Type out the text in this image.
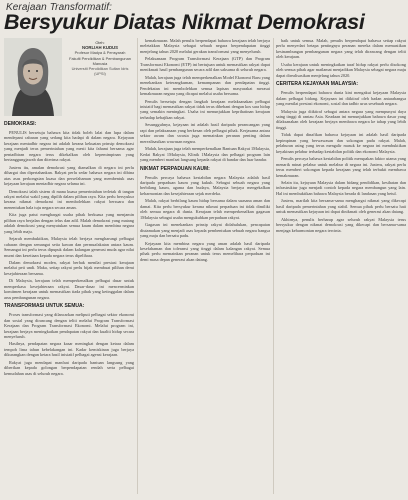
Kerajaan Transformatif:
Bersyukur Diatas Nikmat Demokrasi
Oleh:
NORLIAH KUDUS
Profesor Madya & Pensyarah
Fakulti Pendidikan & Pembangunan Manusia
Universiti Pendidikan Sultan Idris (UPSI)
DEMOKRASI:

PENULIS bersetuju bahawa kita tidak boleh lalai dan lupa dalam mendepani cabaran yang sedang kita hadapi di dalam negara. Kejayaan kerajaan mentadbir negara ini adalah kerana kekuatan prinsip demokrasi yang menjadi teras pemerintahan yang mesti kita fahami bersama agar pentadbiran negara terus dikekalkan oleh kepemimpinan yang bertanggungjawab dan diterima rakyat.

Justeru itu, amalan demokrasi yang diamalkan di negara ini perlu dihargai dan dipertahankan. Rakyat perlu sedar bahawa negara ini dibina atas asas perkongsian kuasa dan persefahaman yang membentuk asas kejayaan kerajaan mentadbir negara selama ini.

Demokrasi ialah sistem di mana kuasa pemerintahan terletak di tangan rakyat melalui wakil yang dipilih dalam pilihan raya. Kita perlu bersyukur kerana nikmat demokrasi ini membolehkan rakyat bersuara dan menentukan hala tuju negara secara aman.

Kita juga patut menghargai usaha pihak berkuasa yang menjamin pilihan raya berjalan dengan telus dan adil. Malah demokrasi yang matang adalah demokrasi yang menyatukan semua kaum dalam membina negara yang lebih maju.

Sejarah membuktikan, Malaysia telah berjaya mengharungi pelbagai cabaran dengan semangat setia kawan dan permuafakatan antara kaum. Semangat ini perlu terus dipupuk dalam kalangan generasi muda agar nilai murni dan kesetiaan kepada negara terus dipelihara.

Dalam demokrasi moden, rakyat berhak menilai prestasi kerajaan melalui peti undi. Maka, setiap rakyat perlu bijak membuat pilihan demi kesejahteraan bersama.

Di Malaysia, kerajaan telah memperkenalkan pelbagai dasar untuk memperkasa kesejahteraan rakyat. Dasar-dasar ini mencerminkan komitmen kerajaan untuk memastikan tiada pihak yang ketinggalan dalam arus pembangunan negara.

TRANSFORMASI UNTUK SEMUA:

Proses transformasi yang dilancarkan meliputi pelbagai sektor ekonomi dan sosial yang dirancang dengan teliti melalui Program Transformasi Kerajaan dan Program Transformasi Ekonomi. Melalui program ini, kerajaan berjaya meningkatkan pendapatan rakyat dan kualiti hidup secara menyeluruh.

Hasilnya, pendapatan negara kasar meningkat dengan ketara dalam tempoh lima tahun kebelakangan ini. Kadar kemiskinan juga berjaya dikurangkan dengan ketara hasil inisiatif pelbagai agensi kerajaan.

Rakyat juga mendapat manfaat daripada bantuan langsung yang diberikan kepada golongan berpendapatan rendah serta pelbagai kemudahan asas di seluruh negara.

kemakmuran. Malah penulis berpendapat bahawa kerajaan telah berjaya meletakkan Malaysia sebagai sebuah negara berpendapatan tinggi menjelang tahun 2020 melalui gerakan transformasi yang menyeluruh.

Pelaksanaan Program Transformasi Kerajaan (GTP) dan Program Transformasi Ekonomi (ETP) ini bertujuan untuk memastikan rakyat dapat menikmati hasil pembangunan secara adil dan saksama di seluruh negara.

Malah, kerajaan juga telah memperkenalkan Model Ekonomi Baru yang menekankan keterangkuman, kemampanan dan pendapatan tinggi. Pendekatan ini membolehkan semua lapisan masyarakat merasai kemakmuran negara yang dicapai melalui usaha bersama.

Penulis bersetuju dengan langkah kerajaan melaksanakan pelbagai inisiatif bagi memastikan rakyat tidak terus dibebani dengan kos sara hidup yang semakin meningkat. Usaha ini menunjukkan keprihatinan kerajaan terhadap kebajikan rakyat.

Sesungguhnya, kejayaan ini adalah hasil daripada perancangan yang rapi dan pelaksanaan yang berkesan oleh pelbagai pihak. Kerjasama antara sektor awam dan swasta juga memainkan peranan penting dalam merealisasikan wawasan negara.

Malah, kerajaan juga telah memperkenalkan Bantuan Rakyat 1Malaysia, Kedai Rakyat 1Malaysia, Klinik 1Malaysia dan pelbagai program lain yang memberi manfaat langsung kepada rakyat di bandar dan luar bandar.

NIKMAT PERPADUAN KAUM:

Penulis percaya bahawa kestabilan negara Malaysia adalah hasil daripada perpaduan kaum yang kukuh. Sebagai sebuah negara yang berbilang kaum, agama dan budaya, Malaysia berjaya mengekalkan keharmonian dan kesejahteraan sejak merdeka.

Malah, rakyat berbilang kaum hidup bersama dalam suasana aman dan damai. Kita perlu bersyukur kerana nikmat perpaduan ini tidak dimiliki oleh semua negara di dunia. Kerajaan telah memperkenalkan gagasan 1Malaysia sebagai usaha mengukuhkan perpaduan rakyat.

Gagasan ini menekankan prinsip rakyat didahulukan, pencapaian diutamakan yang menjadi asas kepada pembentukan sebuah negara bangsa yang maju dan bersatu padu.

Kejayaan kita membina negara yang aman adalah hasil daripada kesefahaman dan toleransi yang tinggi dalam kalangan rakyat. Semua pihak perlu memainkan peranan untuk terus memelihara perpaduan ini demi masa depan generasi akan datang.

baik untuk semua. Malah, penulis berpendapat bahawa setiap rakyat perlu menyedari betapa pentingnya peranan mereka dalam memastikan kesinambungan pembangunan negara yang telah dirancang dengan teliti oleh kerajaan.

Usaha kerajaan untuk meningkatkan taraf hidup rakyat perlu disokong oleh semua pihak agar matlamat menjadikan Malaysia sebagai negara maju dapat direalisasikan menjelang tahun 2020.

CERITERA KEJAYAAN MALAYSIA:

Penulis berpendapat bahawa dunia kini mengakui kejayaan Malaysia dalam pelbagai bidang. Kejayaan ini diiktiraf oleh badan antarabangsa yang menilai prestasi ekonomi, sosial dan tadbir urus sesebuah negara.

Malaysia juga diiktiraf sebagai antara negara yang mempunyai daya saing tinggi di rantau Asia. Keadaan ini menunjukkan bahawa dasar yang dilaksanakan oleh kerajaan berjaya membawa negara ke tahap yang lebih tinggi.

Tidak dapat dinafikan bahawa kejayaan ini adalah hasil daripada kepimpinan yang berwawasan dan sokongan padu rakyat. Malah, pelaburan asing yang terus mengalir masuk ke negara ini membuktikan keyakinan pelabur terhadap kestabilan politik dan ekonomi Malaysia.

Penulis percaya bahawa kestabilan politik merupakan faktor utama yang menarik minat pelabur untuk melabur di negara ini. Justeru, rakyat perlu terus memberi sokongan kepada kerajaan yang telah terbukti membawa kemakmuran.

Selain itu, kejayaan Malaysia dalam bidang pendidikan, kesihatan dan infrastruktur juga menjadi contoh kepada negara membangun yang lain. Hal ini membuktikan bahawa Malaysia berada di landasan yang betul.

Justeru, marilah kita bersama-sama menghargai nikmat yang dikecapi hasil daripada pemerintahan yang stabil. Semua pihak perlu bersatu hati untuk memastikan kejayaan ini dapat dinikmati oleh generasi akan datang.

Akhirnya, penulis berharap agar seluruh rakyat Malaysia terus bersyukur dengan nikmat demokrasi yang dikecapi dan bersama-sama menjaga keharmonian negara tercinta.
